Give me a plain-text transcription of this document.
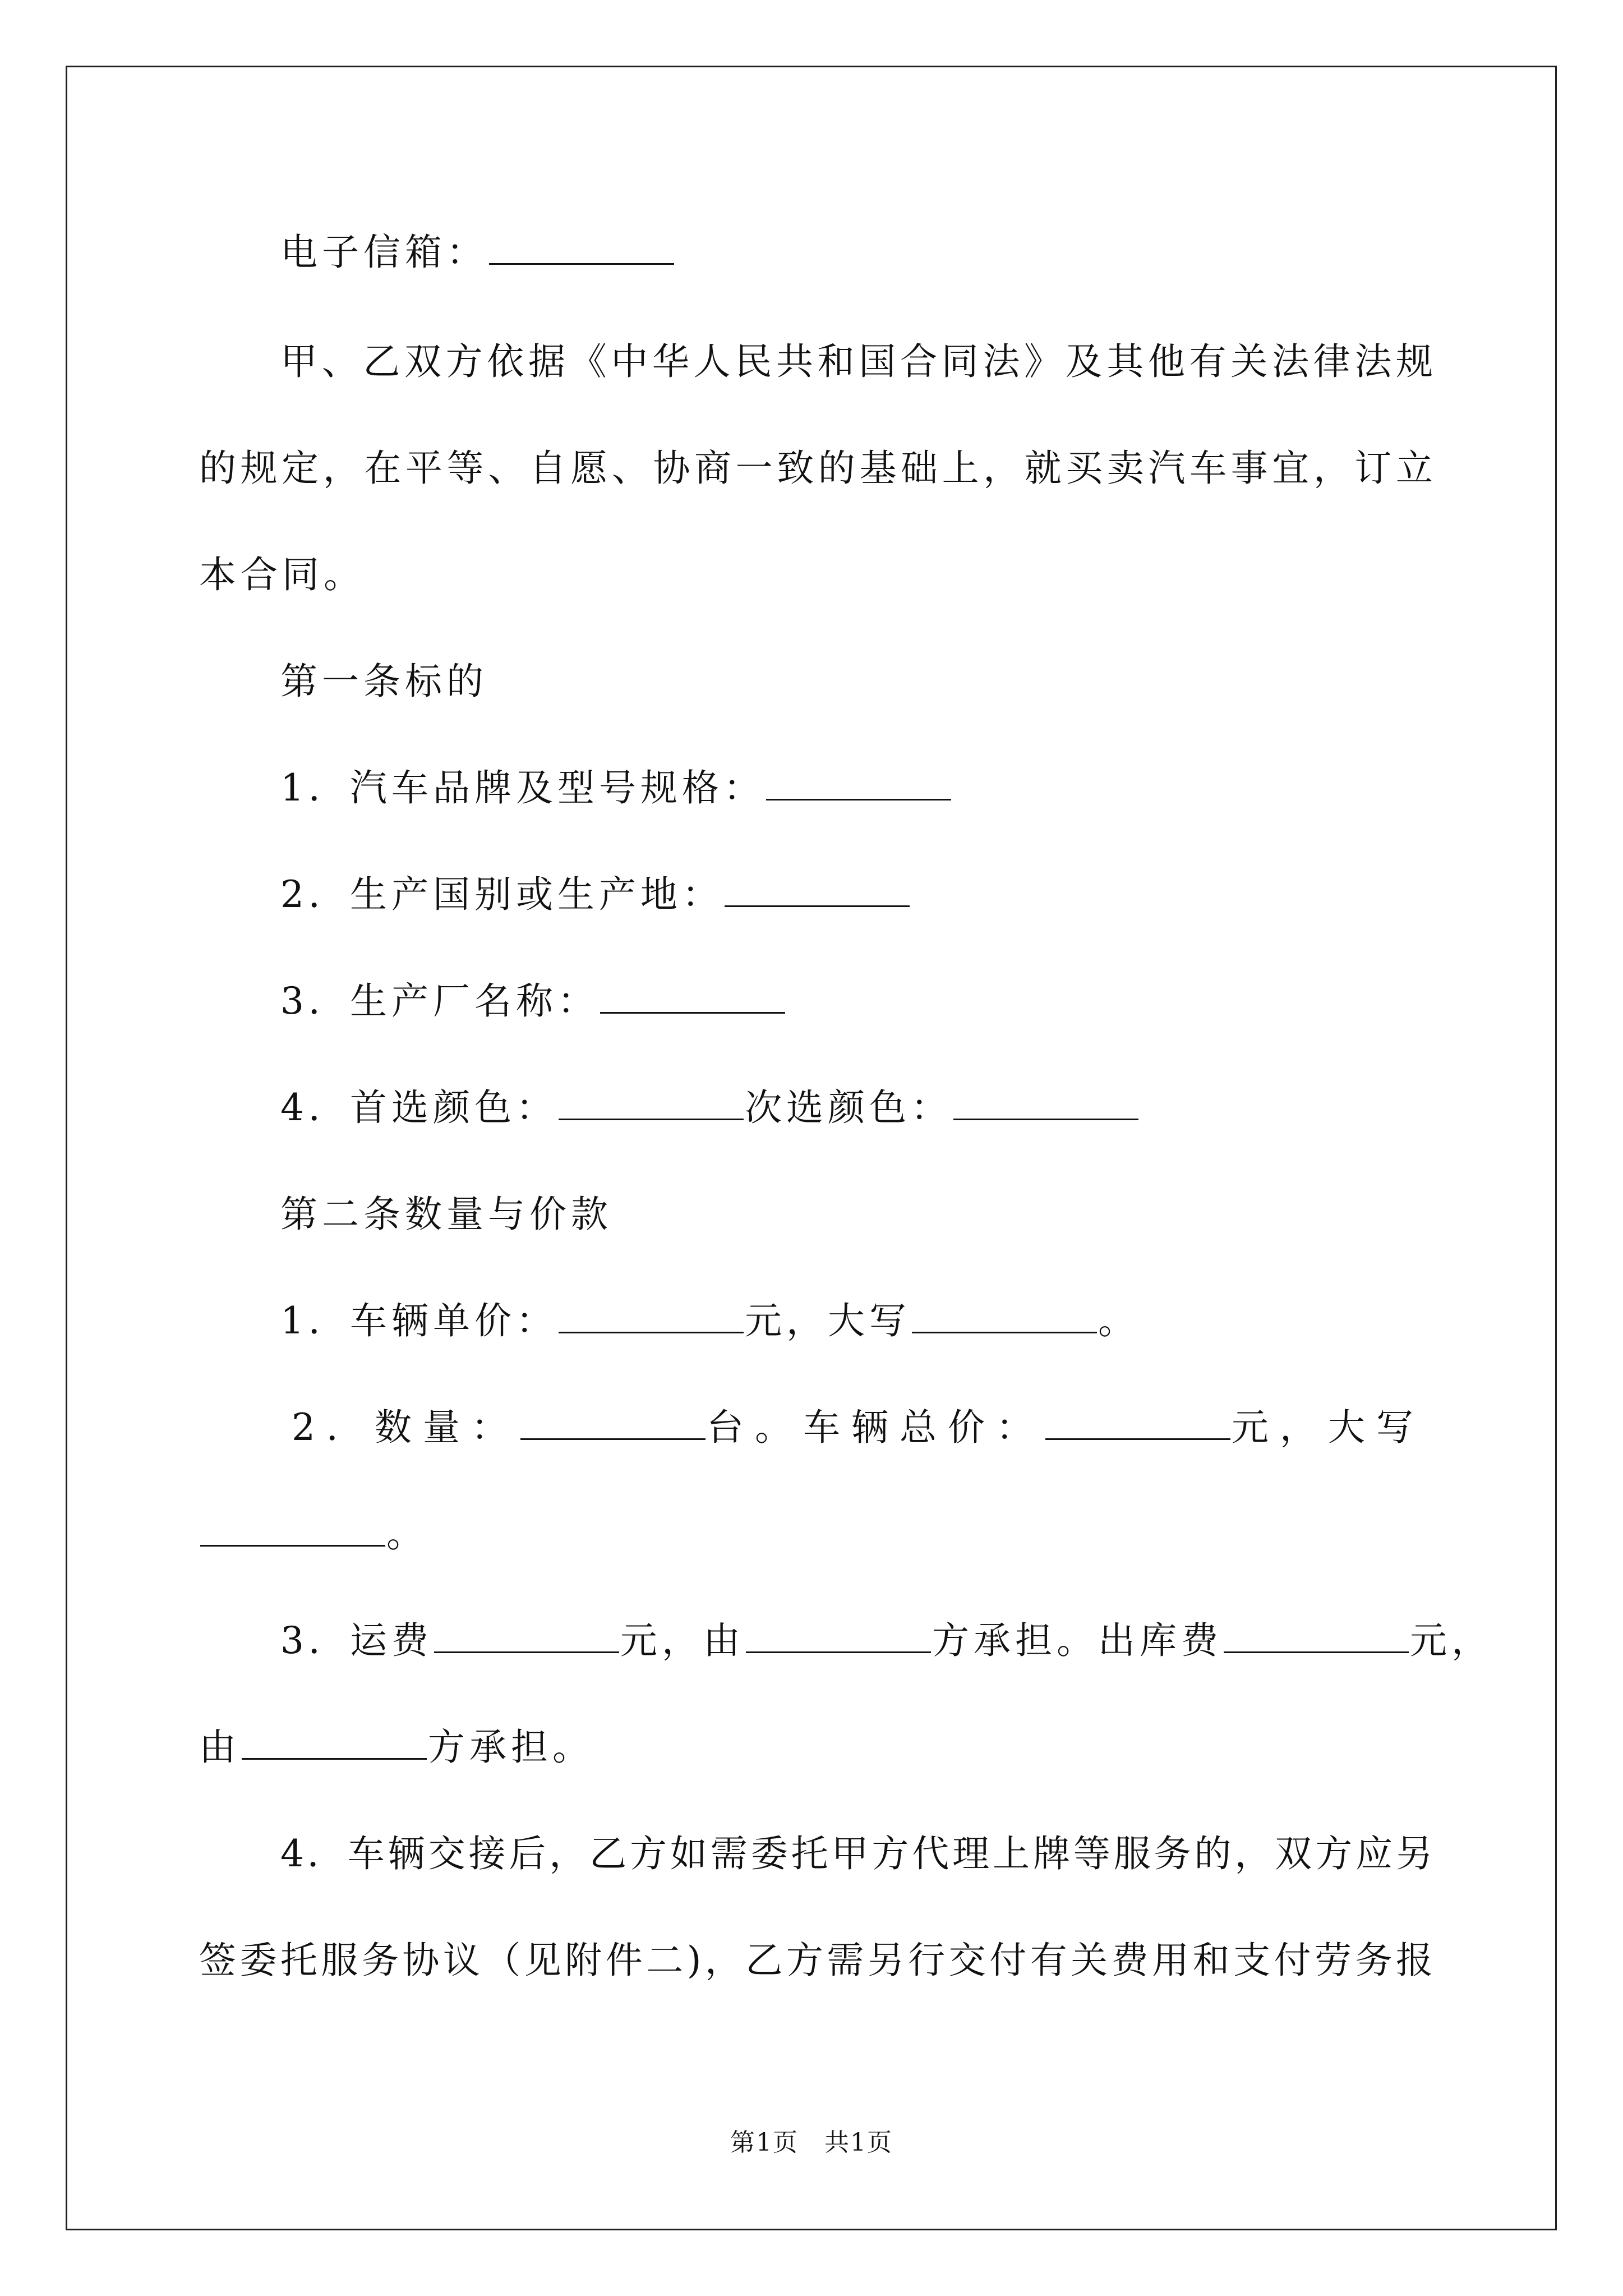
电子信箱：
甲、乙双方依据《中华人民共和国合同法》及其他有关法律法规
的规定，在平等、自愿、协商一致的基础上，就买卖汽车事宜，订立
本合同。
第一条标的
1．汽车品牌及型号规格：
2．生产国别或生产地：
3．生产厂名称：
4．首选颜色：	次选颜色：
第二条数量与价款
1．车辆单价：	元，大写	。
2．数量：	台。车辆总价：	元，大写
。
3．运费	元，由	方承担。出库费	元，
由	方承担。
4．车辆交接后，乙方如需委托甲方代理上牌等服务的，双方应另
签委托服务协议（见附件二)，乙方需另行交付有关费用和支付劳务报
第1页　共1页
